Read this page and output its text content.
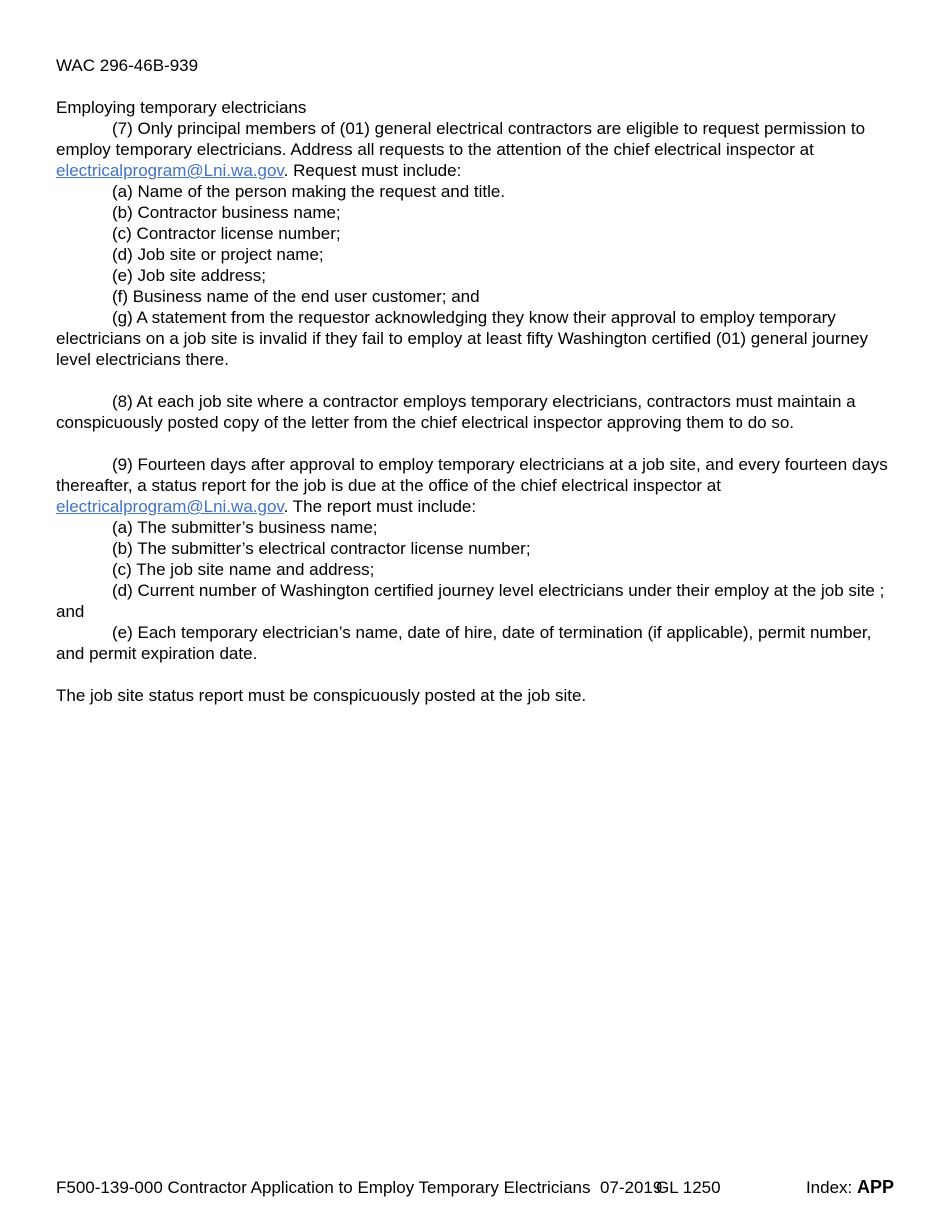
WAC 296-46B-939

Employing temporary electricians

(7) Only principal members of (01) general electrical contractors are eligible to request permission to employ temporary electricians. Address all requests to the attention of the chief electrical inspector at electricalprogram@Lni.wa.gov. Request must include:

(a) Name of the person making the request and title.

(b) Contractor business name;

(c) Contractor license number;

(d) Job site or project name;

(e) Job site address;

(f) Business name of the end user customer; and

(g) A statement from the requestor acknowledging they know their approval to employ temporary electricians on a job site is invalid if they fail to employ at least fifty Washington certified (01) general journey level electricians there.

(8) At each job site where a contractor employs temporary electricians, contractors must maintain a conspicuously posted copy of the letter from the chief electrical inspector approving them to do so.

(9) Fourteen days after approval to employ temporary electricians at a job site, and every fourteen days thereafter, a status report for the job is due at the office of the chief electrical inspector at electricalprogram@Lni.wa.gov. The report must include:

(a) The submitter’s business name;

(b) The submitter’s electrical contractor license number;

(c) The job site name and address;

(d) Current number of Washington certified journey level electricians under their employ at the job site ; and

(e) Each temporary electrician’s name, date of hire, date of termination (if applicable), permit number, and permit expiration date.

The job site status report must be conspicuously posted at the job site.

F500-139-000 Contractor Application to Employ Temporary Electricians  07-2019
GL 1250	Index: APP
